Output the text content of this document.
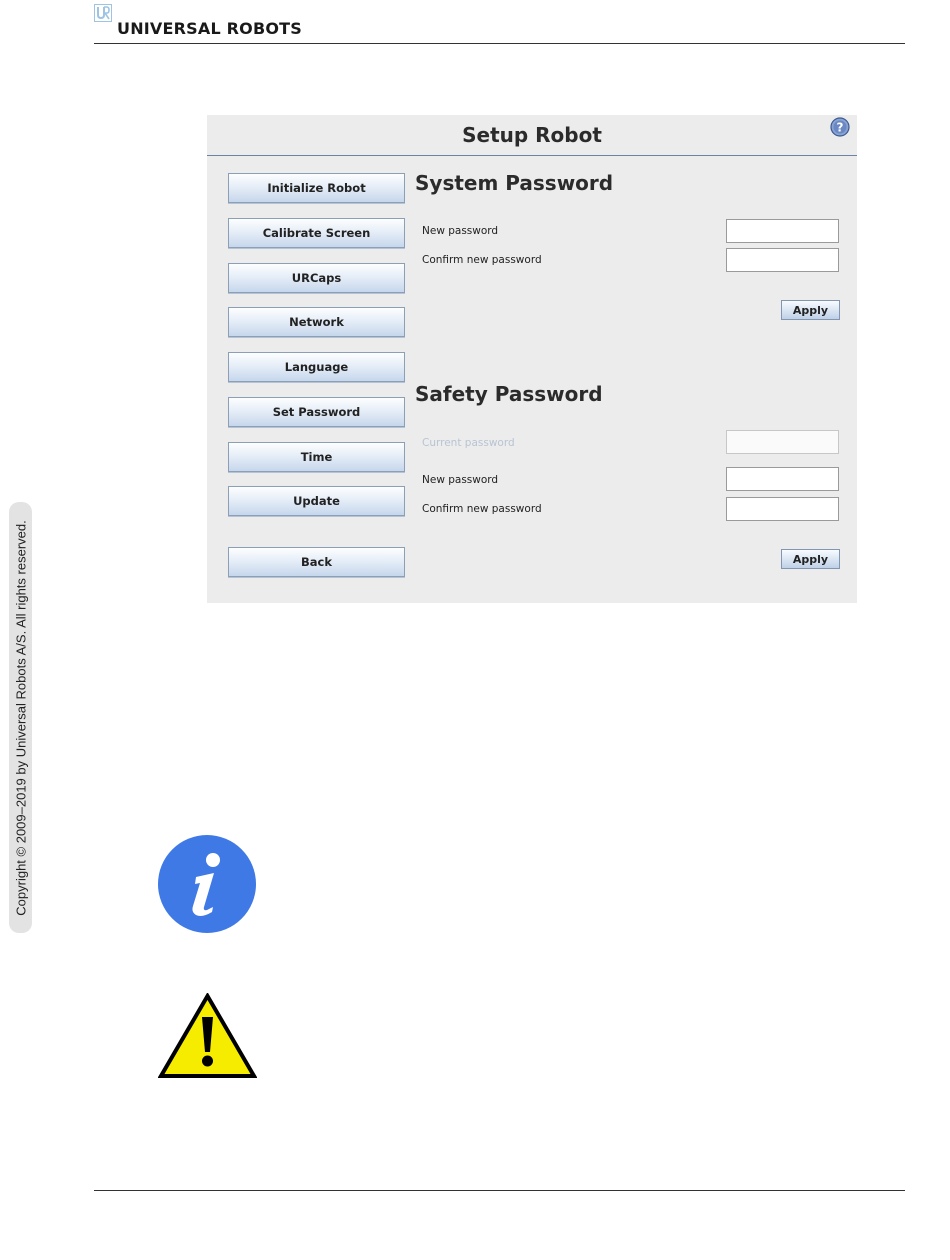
UNIVERSAL ROBOTS
Copyright © 2009–2019 by Universal Robots A/S. All rights reserved.
Setup Robot	?
Initialize Robot
Calibrate Screen
URCaps
Network
Language
Set Password
Time
Update
Back
System Password
New password
Confirm new password
Apply
Safety Password
Current password
New password
Confirm new password
Apply
